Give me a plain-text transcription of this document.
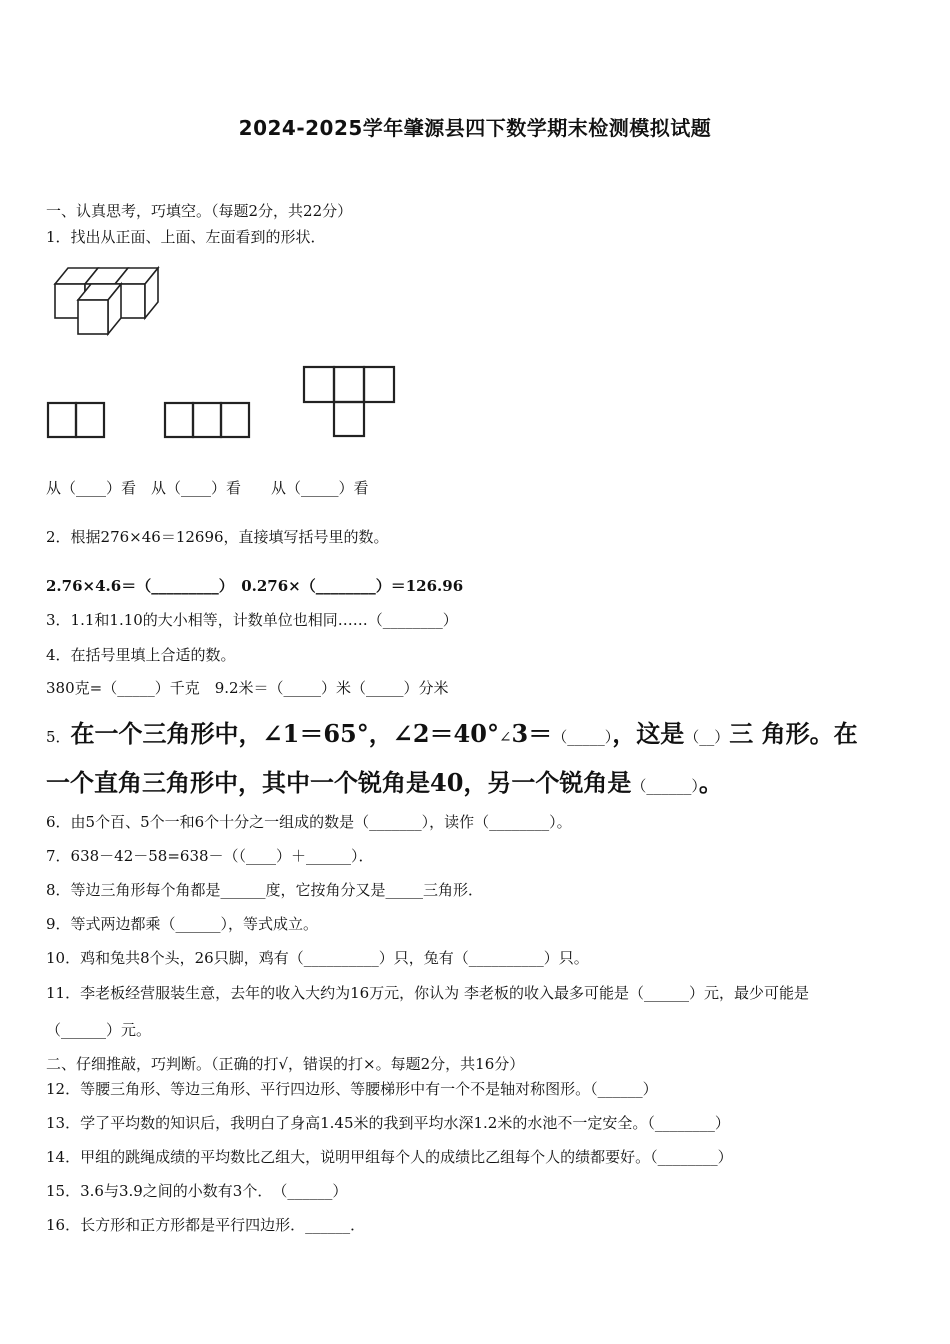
2024-2025学年肇源县四下数学期末检测模拟试题
一、认真思考，巧填空。（每题2分，共22分）
1．找出从正面、上面、左面看到的形状．
从（____）看　从（____）看　　从（_____）看
2．根据276×46＝12696，直接填写括号里的数。
2.76×4.6＝（_________）　0.276×（________）＝126.96
3．1.1和1.10的大小相等，计数单位也相同……（________）
4．在括号里填上合适的数。
380克=（_____）千克　9.2米＝（_____）米（_____）分米
5．在一个三角形中，∠1＝65°，∠2＝40°∠3＝（_____），这是（__）三 角形。在
一个直角三角形中，其中一个锐角是40，另一个锐角是（______）。
6．由5个百、5个一和6个十分之一组成的数是（_______），读作（________）。
7．638－42－58=638－（（____）＋______）．
8．等边三角形每个角都是______度，它按角分又是_____三角形．
9．等式两边都乘（______），等式成立。
10．鸡和兔共8个头，26只脚，鸡有（__________）只，兔有（__________）只。
11．李老板经营服装生意，去年的收入大约为16万元，你认为 李老板的收入最多可能是（______）元，最少可能是
（______）元。
二、仔细推敲，巧判断。（正确的打√，错误的打×。每题2分，共16分）
12．等腰三角形、等边三角形、平行四边形、等腰梯形中有一个不是轴对称图形。（______）
13．学了平均数的知识后，我明白了身高1.45米的我到平均水深1.2米的水池不一定安全。（________）
14．甲组的跳绳成绩的平均数比乙组大，说明甲组每个人的成绩比乙组每个人的绩都要好。（________）
15．3.6与3.9之间的小数有3个．　（______）
16．长方形和正方形都是平行四边形．______．
